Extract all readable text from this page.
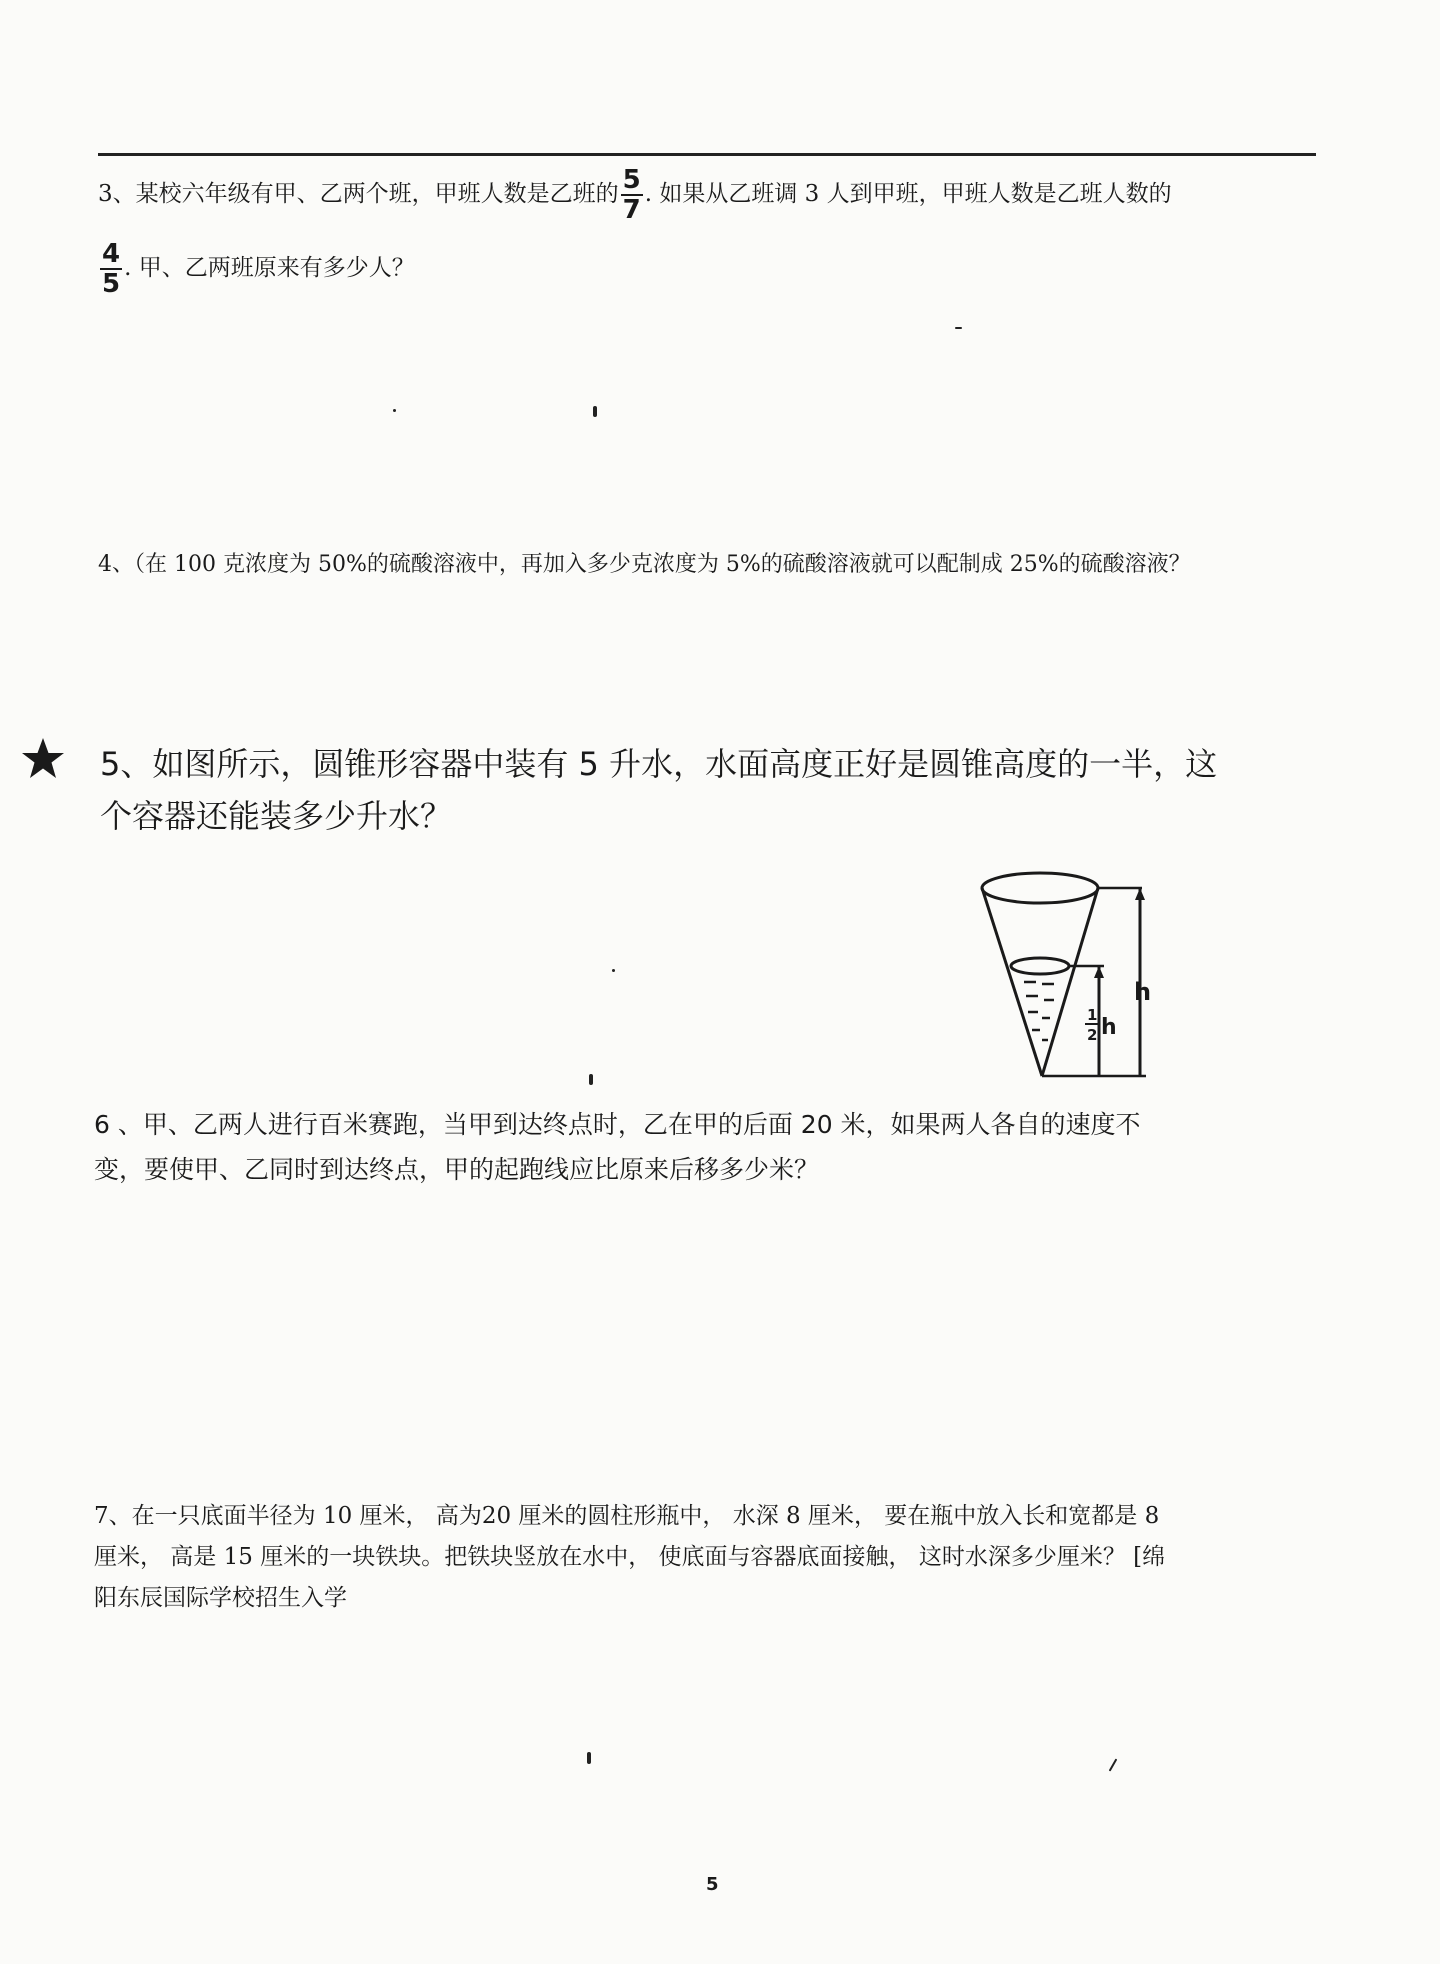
3、某校六年级有甲、乙两个班，甲班人数是乙班的 $\frac{5}{7}$ . 如果从乙班调 3 人到甲班，甲班人数是乙班人数的
$\frac{4}{5}$ . 甲、乙两班原来有多少人？
4、（在 100 克浓度为 50%的硫酸溶液中，再加入多少克浓度为 5%的硫酸溶液就可以配制成 25%的硫酸溶液？
5、如图所示，圆锥形容器中装有 5 升水，水面高度正好是圆锥高度的一半，这
个容器还能装多少升水？
h
1
2 h
6 、甲、乙两人进行百米赛跑，当甲到达终点时，乙在甲的后面 20 米，如果两人各自的速度不
变，要使甲、乙同时到达终点，甲的起跑线应比原来后移多少米？
7、在一只底面半径为 10 厘米， 高为20 厘米的圆柱形瓶中， 水深 8 厘米， 要在瓶中放入长和宽都是 8
厘米， 高是 15 厘米的一块铁块。把铁块竖放在水中， 使底面与容器底面接触， 这时水深多少厘米？ [绵
阳东辰国际学校招生入学
5
